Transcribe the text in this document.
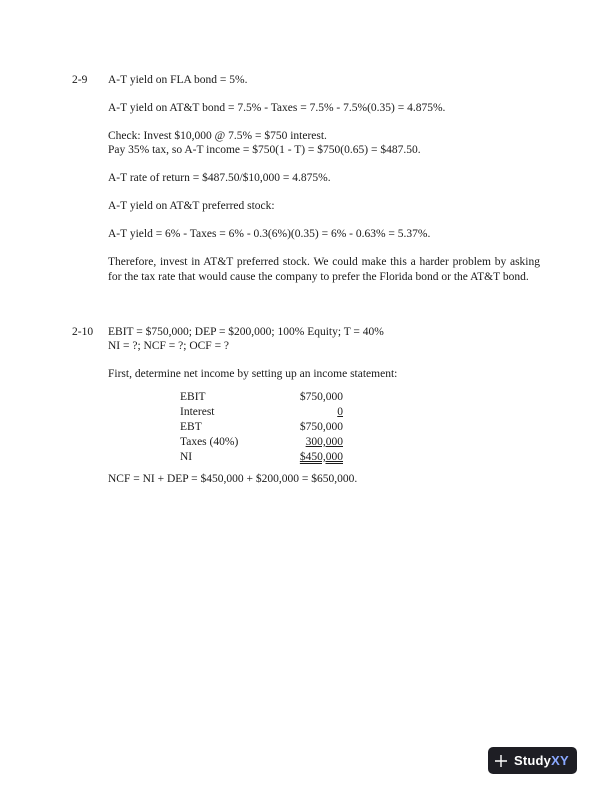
2-9 A-T yield on FLA bond = 5%.
A-T yield on AT&T bond = 7.5% - Taxes = 7.5% - 7.5%(0.35) = 4.875%.
Check: Invest $10,000 @ 7.5% = $750 interest.
Pay 35% tax, so A-T income = $750(1 - T) = $750(0.65) = $487.50.
A-T rate of return = $487.50/$10,000 = 4.875%.
A-T yield on AT&T preferred stock:
A-T yield = 6% - Taxes = 6% - 0.3(6%)(0.35) = 6% - 0.63% = 5.37%.
Therefore, invest in AT&T preferred stock. We could make this a harder problem by asking for the tax rate that would cause the company to prefer the Florida bond or the AT&T bond.
2-10 EBIT = $750,000; DEP = $200,000; 100% Equity; T = 40%
NI = ?; NCF = ?; OCF = ?
First, determine net income by setting up an income statement:
EBIT	$750,000
Interest	0
EBT	$750,000
Taxes (40%)	300,000
NI	$450,000
NCF = NI + DEP = $450,000 + $200,000 = $650,000.
StudyXY
